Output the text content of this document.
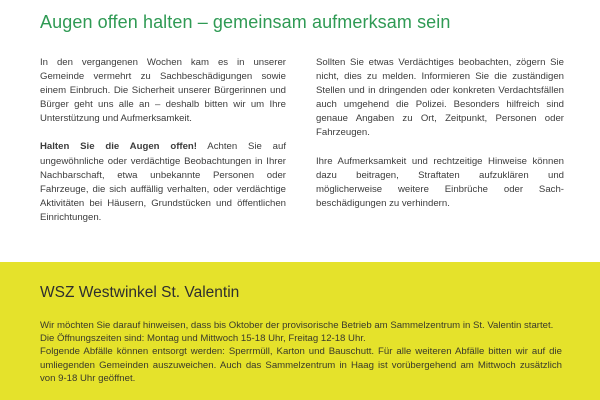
Augen offen halten – gemeinsam aufmerksam sein

In den vergangenen Wochen kam es in unserer Gemeinde vermehrt zu Sachbeschädigungen sowie einem Einbruch. Die Sicherheit unserer Bürgerinnen und Bürger geht uns alle an – deshalb bitten wir um Ihre Unterstützung und Aufmerksamkeit.

Halten Sie die Augen offen! Achten Sie auf ungewöhnliche oder verdächtige Beobachtungen in Ihrer Nachbarschaft, etwa unbekannte Personen oder Fahrzeuge, die sich auffällig verhalten, oder verdächtige Aktivitäten bei Häusern, Grundstücken und öffentlichen Einrichtungen.

Sollten Sie etwas Verdächtiges beobachten, zögern Sie nicht, dies zu melden. Informieren Sie die zuständigen Stellen und in dringenden oder konkreten Verdachtsfällen auch umgehend die Polizei. Besonders hilfreich sind genaue Angaben zu Ort, Zeitpunkt, Personen oder Fahrzeugen.

Ihre Aufmerksamkeit und rechtzeitige Hinweise können dazu beitragen, Straftaten aufzuklären und möglicherweise weitere Einbrüche oder Sach-beschädigungen zu verhindern.

WSZ Westwinkel St. Valentin
Wir möchten Sie darauf hinweisen, dass bis Oktober der provisorische Betrieb am Sammelzentrum in St. Valentin startet.
Die Öffnungszeiten sind: Montag und Mittwoch 15-18 Uhr, Freitag 12-18 Uhr.
Folgende Abfälle können entsorgt werden: Sperrmüll, Karton und Bauschutt. Für alle weiteren Abfälle bitten wir auf die umliegenden Gemeinden auszuweichen. Auch das Sammelzentrum in Haag ist vorübergehend am Mittwoch zusätzlich von 9-18 Uhr geöffnet.
